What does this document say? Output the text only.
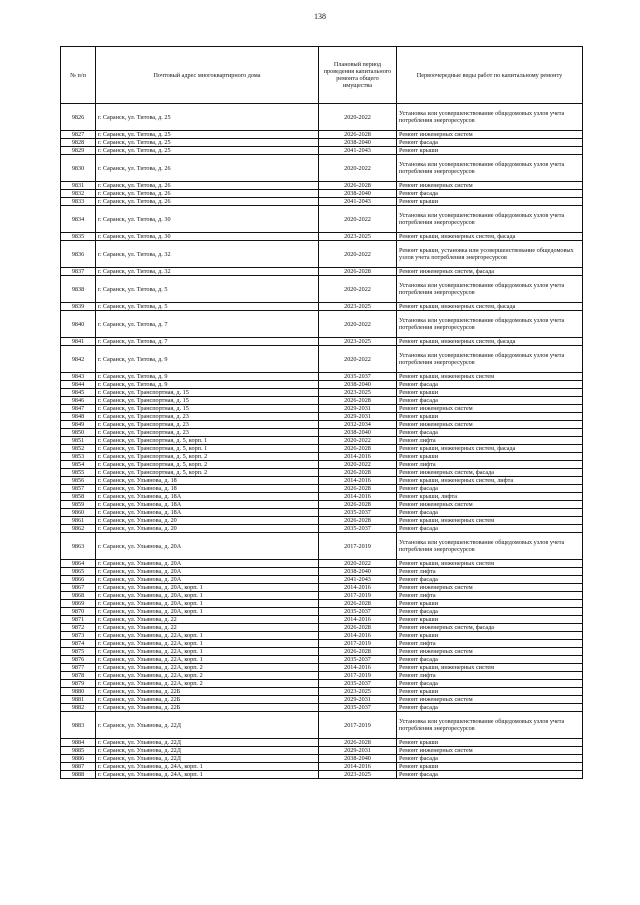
138
№ п/п	Почтовый адрес многоквартирного дома	Плановый период проведения капитального ремонта общего имущества	Первоочередные виды работ по капитальному ремонту
9826	г. Саранск, ул. Титова, д. 25	2020-2022	Установка или усовершенствование общедомовых узлов учета потребления энергоресурсов
9827	г. Саранск, ул. Титова, д. 25	2026-2028	Ремонт инженерных систем
9828	г. Саранск, ул. Титова, д. 25	2038-2040	Ремонт фасада
9829	г. Саранск, ул. Титова, д. 25	2041-2043	Ремонт крыши
9830	г. Саранск, ул. Титова, д. 26	2020-2022	Установка или усовершенствование общедомовых узлов учета потребления энергоресурсов
9831	г. Саранск, ул. Титова, д. 26	2026-2028	Ремонт инженерных систем
9832	г. Саранск, ул. Титова, д. 26	2038-2040	Ремонт фасада
9833	г. Саранск, ул. Титова, д. 26	2041-2043	Ремонт крыши
9834	г. Саранск, ул. Титова, д. 30	2020-2022	Установка или усовершенствование общедомовых узлов учета потребления энергоресурсов
9835	г. Саранск, ул. Титова, д. 30	2023-2025	Ремонт крыши, инженерных систем, фасада
9836	г. Саранск, ул. Титова, д. 32	2020-2022	Ремонт крыши, установка или усовершенствование общедомовых узлов учета потребления энергоресурсов
9837	г. Саранск, ул. Титова, д. 32	2026-2028	Ремонт инженерных систем, фасада
9838	г. Саранск, ул. Титова, д. 5	2020-2022	Установка или усовершенствование общедомовых узлов учета потребления энергоресурсов
9839	г. Саранск, ул. Титова, д. 5	2023-2025	Ремонт крыши, инженерных систем, фасада
9840	г. Саранск, ул. Титова, д. 7	2020-2022	Установка или усовершенствование общедомовых узлов учета потребления энергоресурсов
9841	г. Саранск, ул. Титова, д. 7	2023-2025	Ремонт крыши, инженерных систем, фасада
9842	г. Саранск, ул. Титова, д. 9	2020-2022	Установка или усовершенствование общедомовых узлов учета потребления энергоресурсов
9843	г. Саранск, ул. Титова, д. 9	2035-2037	Ремонт крыши, инженерных систем
9844	г. Саранск, ул. Титова, д. 9	2038-2040	Ремонт фасада
9845	г. Саранск, ул. Транспортная, д. 15	2023-2025	Ремонт крыши
9846	г. Саранск, ул. Транспортная, д. 15	2026-2028	Ремонт фасада
9847	г. Саранск, ул. Транспортная, д. 15	2029-2031	Ремонт инженерных систем
9848	г. Саранск, ул. Транспортная, д. 23	2029-2031	Ремонт крыши
9849	г. Саранск, ул. Транспортная, д. 23	2032-2034	Ремонт инженерных систем
9850	г. Саранск, ул. Транспортная, д. 23	2038-2040	Ремонт фасада
9851	г. Саранск, ул. Транспортная, д. 5, корп. 1	2020-2022	Ремонт лифта
9852	г. Саранск, ул. Транспортная, д. 5, корп. 1	2026-2028	Ремонт крыши, инженерных систем, фасада
9853	г. Саранск, ул. Транспортная, д. 5, корп. 2	2014-2016	Ремонт крыши
9854	г. Саранск, ул. Транспортная, д. 5, корп. 2	2020-2022	Ремонт лифта
9855	г. Саранск, ул. Транспортная, д. 5, корп. 2	2026-2028	Ремонт инженерных систем, фасада
9856	г. Саранск, ул. Ульянова, д. 18	2014-2016	Ремонт крыши, инженерных систем, лифта
9857	г. Саранск, ул. Ульянова, д. 18	2026-2028	Ремонт фасада
9858	г. Саранск, ул. Ульянова, д. 18А	2014-2016	Ремонт крыши, лифта
9859	г. Саранск, ул. Ульянова, д. 18А	2026-2028	Ремонт инженерных систем
9860	г. Саранск, ул. Ульянова, д. 18А	2035-2037	Ремонт фасада
9861	г. Саранск, ул. Ульянова, д. 20	2026-2028	Ремонт крыши, инженерных систем
9862	г. Саранск, ул. Ульянова, д. 20	2035-2037	Ремонт фасада
9863	г. Саранск, ул. Ульянова, д. 20А	2017-2019	Установка или усовершенствование общедомовых узлов учета потребления энергоресурсов
9864	г. Саранск, ул. Ульянова, д. 20А	2020-2022	Ремонт крыши, инженерных систем
9865	г. Саранск, ул. Ульянова, д. 20А	2038-2040	Ремонт лифта
9866	г. Саранск, ул. Ульянова, д. 20А	2041-2043	Ремонт фасада
9867	г. Саранск, ул. Ульянова, д. 20А, корп. 1	2014-2016	Ремонт инженерных систем
9868	г. Саранск, ул. Ульянова, д. 20А, корп. 1	2017-2019	Ремонт лифта
9869	г. Саранск, ул. Ульянова, д. 20А, корп. 1	2026-2028	Ремонт крыши
9870	г. Саранск, ул. Ульянова, д. 20А, корп. 1	2035-2037	Ремонт фасада
9871	г. Саранск, ул. Ульянова, д. 22	2014-2016	Ремонт крыши
9872	г. Саранск, ул. Ульянова, д. 22	2026-2028	Ремонт инженерных систем, фасада
9873	г. Саранск, ул. Ульянова, д. 22А, корп. 1	2014-2016	Ремонт крыши
9874	г. Саранск, ул. Ульянова, д. 22А, корп. 1	2017-2019	Ремонт лифта
9875	г. Саранск, ул. Ульянова, д. 22А, корп. 1	2026-2028	Ремонт инженерных систем
9876	г. Саранск, ул. Ульянова, д. 22А, корп. 1	2035-2037	Ремонт фасада
9877	г. Саранск, ул. Ульянова, д. 22А, корп. 2	2014-2016	Ремонт крыши, инженерных систем
9878	г. Саранск, ул. Ульянова, д. 22А, корп. 2	2017-2019	Ремонт лифта
9879	г. Саранск, ул. Ульянова, д. 22А, корп. 2	2035-2037	Ремонт фасада
9880	г. Саранск, ул. Ульянова, д. 22Б	2023-2025	Ремонт крыши
9881	г. Саранск, ул. Ульянова, д. 22Б	2029-2031	Ремонт инженерных систем
9882	г. Саранск, ул. Ульянова, д. 22Б	2035-2037	Ремонт фасада
9883	г. Саранск, ул. Ульянова, д. 22Д	2017-2019	Установка или усовершенствование общедомовых узлов учета потребления энергоресурсов
9884	г. Саранск, ул. Ульянова, д. 22Д	2026-2028	Ремонт крыши
9885	г. Саранск, ул. Ульянова, д. 22Д	2029-2031	Ремонт инженерных систем
9886	г. Саранск, ул. Ульянова, д. 22Д	2038-2040	Ремонт фасада
9887	г. Саранск, ул. Ульянова, д. 24А, корп. 1	2014-2016	Ремонт крыши
9888	г. Саранск, ул. Ульянова, д. 24А, корп. 1	2023-2025	Ремонт фасада
